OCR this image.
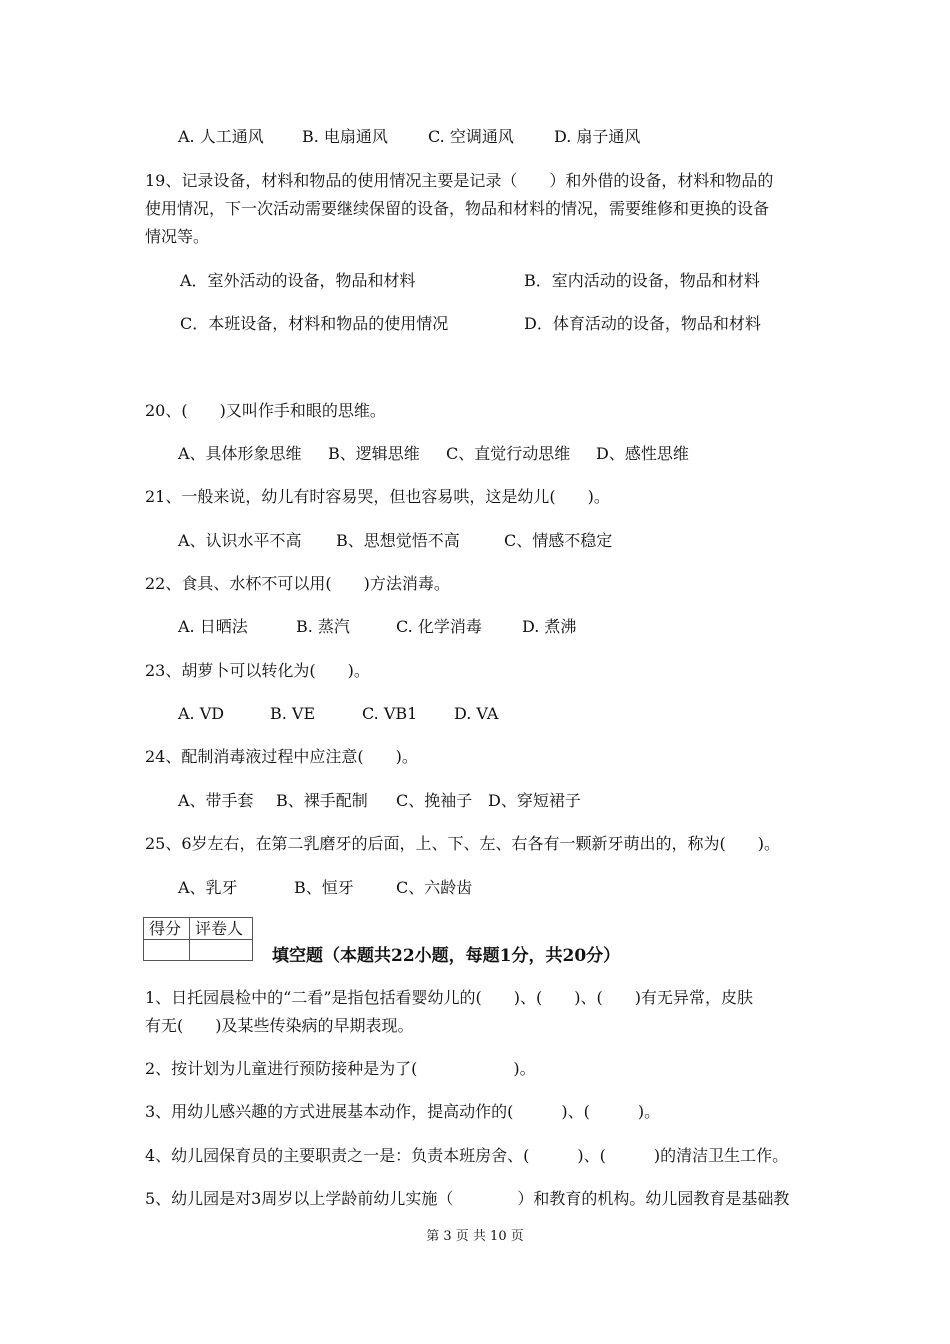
A. 人工通风 B. 电扇通风	C. 空调通风	D. 扇子通风
19、记录设备，材料和物品的使用情况主要是记录（　　）和外借的设备，材料和物品的
使用情况，下一次活动需要继续保留的设备，物品和材料的情况，需要维修和更换的设备
情况等。
A．室外活动的设备，物品和材料	B．室内活动的设备，物品和材料
C．本班设备，材料和物品的使用情况	D．体育活动的设备，物品和材料
20、(　　)又叫作手和眼的思维。
A、具体形象思维 B、逻辑思维 C、直觉行动思维 D、感性思维
21、一般来说，幼儿有时容易哭，但也容易哄，这是幼儿(　　)。
A、认识水平不高 B、思想觉悟不高	C、情感不稳定
22、食具、水杯不可以用(　　)方法消毒。
A. 日晒法	B. 蒸汽	C. 化学消毒	D. 煮沸
23、胡萝卜可以转化为(　　)。
A. VD	B. VE	C. VB1 D. VA
24、配制消毒液过程中应注意(　　)。
A、带手套 B、裸手配制 C、挽袖子 D、穿短裙子
25、6岁左右，在第二乳磨牙的后面，上、下、左、右各有一颗新牙萌出的，称为(　　)。
A、乳牙	B、恒牙	C、六龄齿
得分 评卷人
填空题（本题共22小题，每题1分，共20分）
1、日托园晨检中的“二看”是指包括看婴幼儿的(　　)、(　　)、(　　)有无异常，皮肤
有无(　　)及某些传染病的早期表现。
2、按计划为儿童进行预防接种是为了(　　　　　　)。
3、用幼儿感兴趣的方式进展基本动作，提高动作的(　　　)、(　　　)。
4、幼儿园保育员的主要职责之一是：负责本班房舍、(　　　)、(　　　)的清洁卫生工作。
5、幼儿园是对3周岁以上学龄前幼儿实施（　　　　）和教育的机构。幼儿园教育是基础教
第 3 页 共 10 页
